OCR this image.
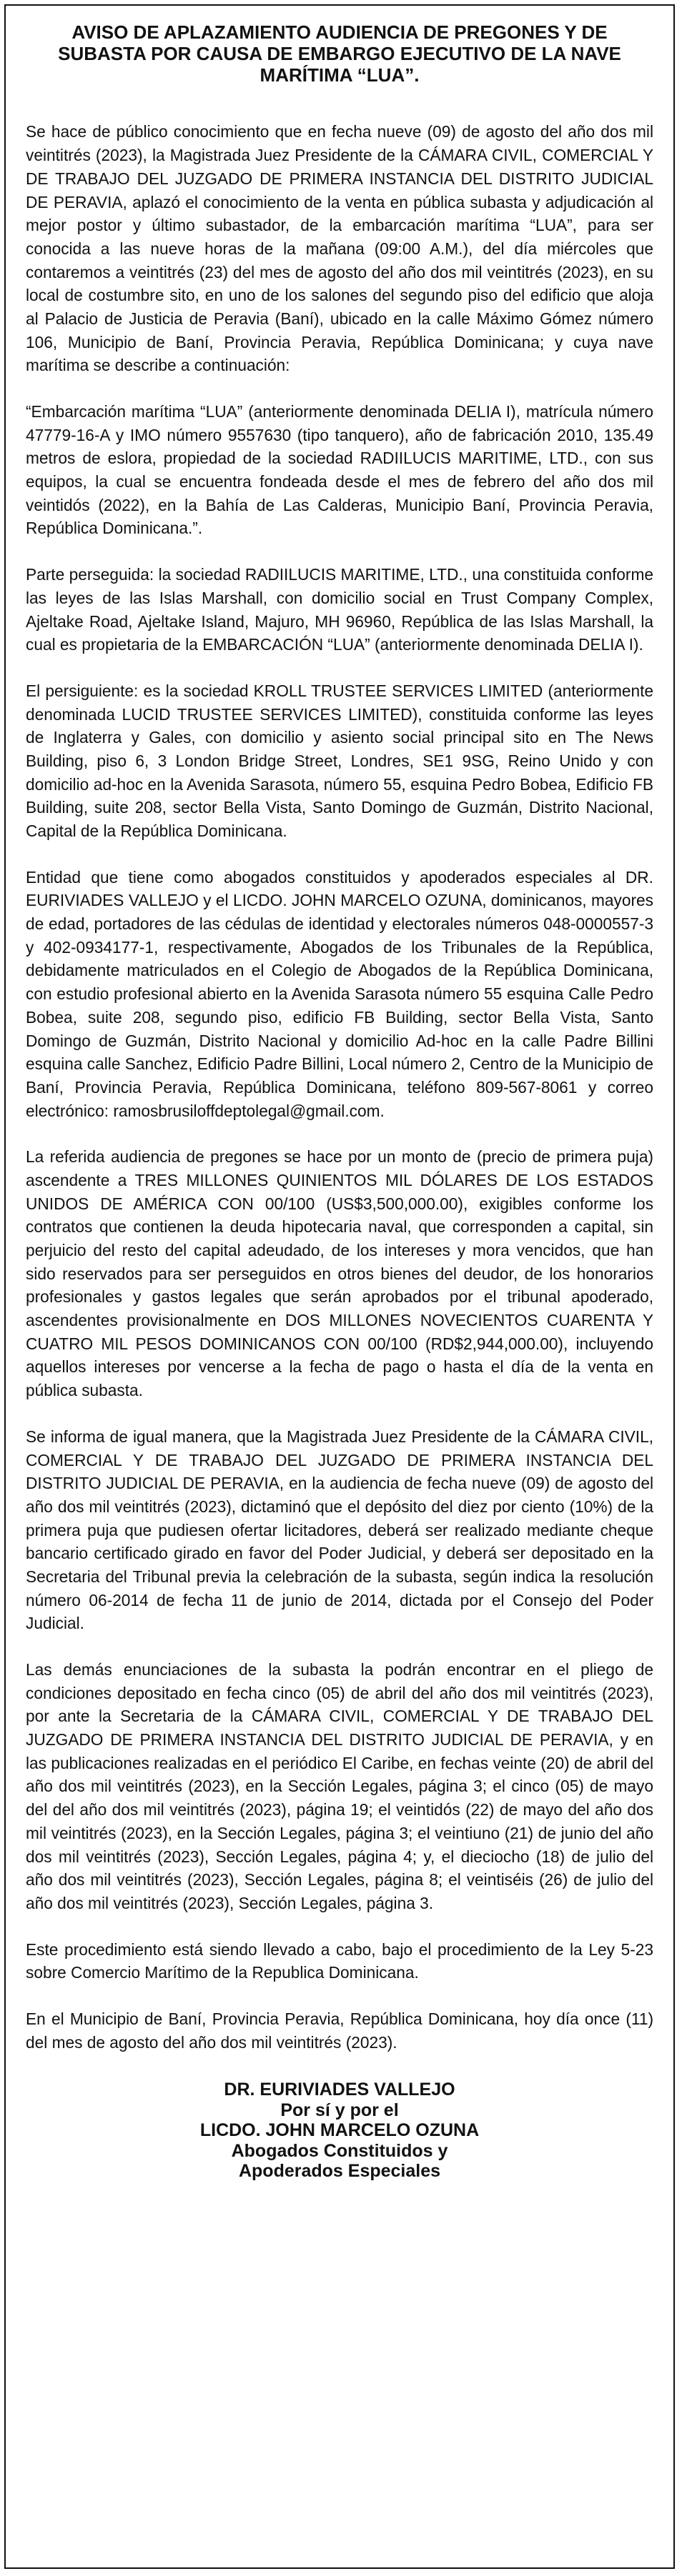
AVISO DE APLAZAMIENTO AUDIENCIA DE PREGONES Y DE SUBASTA POR CAUSA DE EMBARGO EJECUTIVO DE LA NAVE MARÍTIMA “LUA”.

Se hace de público conocimiento que en fecha nueve (09) de agosto del año dos mil veintitrés (2023), la Magistrada Juez Presidente de la CÁMARA CIVIL, COMERCIAL Y DE TRABAJO DEL JUZGADO DE PRIMERA INSTANCIA DEL DISTRITO JUDICIAL DE PERAVIA, aplazó el conocimiento de la venta en pública subasta y adjudicación al mejor postor y último subastador, de la embarcación marítima “LUA”, para ser conocida a las nueve horas de la mañana (09:00 A.M.), del día miércoles que contaremos a veintitrés (23) del mes de agosto del año dos mil veintitrés (2023), en su local de costumbre sito, en uno de los salones del segundo piso del edificio que aloja al Palacio de Justicia de Peravia (Baní), ubicado en la calle Máximo Gómez número 106, Municipio de Baní, Provincia Peravia, República Dominicana; y cuya nave marítima se describe a continuación:

“Embarcación marítima “LUA” (anteriormente denominada DELIA I), matrícula número 47779-16-A y IMO número 9557630 (tipo tanquero), año de fabricación 2010, 135.49 metros de eslora, propiedad de la sociedad RADIILUCIS MARITIME, LTD., con sus equipos, la cual se encuentra fondeada desde el mes de febrero del año dos mil veintidós (2022), en la Bahía de Las Calderas, Municipio Baní, Provincia Peravia, República Dominicana.”.

Parte perseguida: la sociedad RADIILUCIS MARITIME, LTD., una constituida conforme las leyes de las Islas Marshall, con domicilio social en Trust Company Complex, Ajeltake Road, Ajeltake Island, Majuro, MH 96960, República de las Islas Marshall, la cual es propietaria de la EMBARCACIÓN “LUA” (anteriormente denominada DELIA I).

El persiguiente: es la sociedad KROLL TRUSTEE SERVICES LIMITED (anteriormente denominada LUCID TRUSTEE SERVICES LIMITED), constituida conforme las leyes de Inglaterra y Gales, con domicilio y asiento social principal sito en The News Building, piso 6, 3 London Bridge Street, Londres, SE1 9SG, Reino Unido y con domicilio ad-hoc en la Avenida Sarasota, número 55, esquina Pedro Bobea, Edificio FB Building, suite 208, sector Bella Vista, Santo Domingo de Guzmán, Distrito Nacional, Capital de la República Dominicana.

Entidad que tiene como abogados constituidos y apoderados especiales al DR. EURIVIADES VALLEJO y el LICDO. JOHN MARCELO OZUNA, dominicanos, mayores de edad, portadores de las cédulas de identidad y electorales números 048-0000557-3 y 402-0934177-1, respectivamente, Abogados de los Tribunales de la República, debidamente matriculados en el Colegio de Abogados de la República Dominicana, con estudio profesional abierto en la Avenida Sarasota número 55 esquina Calle Pedro Bobea, suite 208, segundo piso, edificio FB Building, sector Bella Vista, Santo Domingo de Guzmán, Distrito Nacional y domicilio Ad-hoc en la calle Padre Billini esquina calle Sanchez, Edificio Padre Billini, Local número 2, Centro de la Municipio de Baní, Provincia Peravia, República Dominicana, teléfono 809-567-8061 y correo electrónico: ramosbrusiloffdeptolegal@gmail.com.

La referida audiencia de pregones se hace por un monto de (precio de primera puja) ascendente a TRES MILLONES QUINIENTOS MIL DÓLARES DE LOS ESTADOS UNIDOS DE AMÉRICA CON 00/100 (US$3,500,000.00), exigibles conforme los contratos que contienen la deuda hipotecaria naval, que corresponden a capital, sin perjuicio del resto del capital adeudado, de los intereses y mora vencidos, que han sido reservados para ser perseguidos en otros bienes del deudor, de los honorarios profesionales y gastos legales que serán aprobados por el tribunal apoderado, ascendentes provisionalmente en DOS MILLONES NOVECIENTOS CUARENTA Y CUATRO MIL PESOS DOMINICANOS CON 00/100 (RD$2,944,000.00), incluyendo aquellos intereses por vencerse a la fecha de pago o hasta el día de la venta en pública subasta.

Se informa de igual manera, que la Magistrada Juez Presidente de la CÁMARA CIVIL, COMERCIAL Y DE TRABAJO DEL JUZGADO DE PRIMERA INSTANCIA DEL DISTRITO JUDICIAL DE PERAVIA, en la audiencia de fecha nueve (09) de agosto del año dos mil veintitrés (2023), dictaminó que el depósito del diez por ciento (10%) de la primera puja que pudiesen ofertar licitadores, deberá ser realizado mediante cheque bancario certificado girado en favor del Poder Judicial, y deberá ser depositado en la Secretaria del Tribunal previa la celebración de la subasta, según indica la resolución número 06-2014 de fecha 11 de junio de 2014, dictada por el Consejo del Poder Judicial.

Las demás enunciaciones de la subasta la podrán encontrar en el pliego de condiciones depositado en fecha cinco (05) de abril del año dos mil veintitrés (2023), por ante la Secretaria de la CÁMARA CIVIL, COMERCIAL Y DE TRABAJO DEL JUZGADO DE PRIMERA INSTANCIA DEL DISTRITO JUDICIAL DE PERAVIA, y en las publicaciones realizadas en el periódico El Caribe, en fechas veinte (20) de abril del año dos mil veintitrés (2023), en la Sección Legales, página 3; el cinco (05) de mayo del del año dos mil veintitrés (2023), página 19; el veintidós (22) de mayo del año dos mil veintitrés (2023), en la Sección Legales, página 3; el veintiuno (21) de junio del año dos mil veintitrés (2023), Sección Legales, página 4; y, el dieciocho (18) de julio del año dos mil veintitrés (2023), Sección Legales, página 8; el veintiséis (26) de julio del año dos mil veintitrés (2023), Sección Legales, página 3.

Este procedimiento está siendo llevado a cabo, bajo el procedimiento de la Ley 5-23 sobre Comercio Marítimo de la Republica Dominicana.

En el Municipio de Baní, Provincia Peravia, República Dominicana, hoy día once (11) del mes de agosto del año dos mil veintitrés (2023).

DR. EURIVIADES VALLEJO
Por sí y por el
LICDO. JOHN MARCELO OZUNA
Abogados Constituidos y
Apoderados Especiales
